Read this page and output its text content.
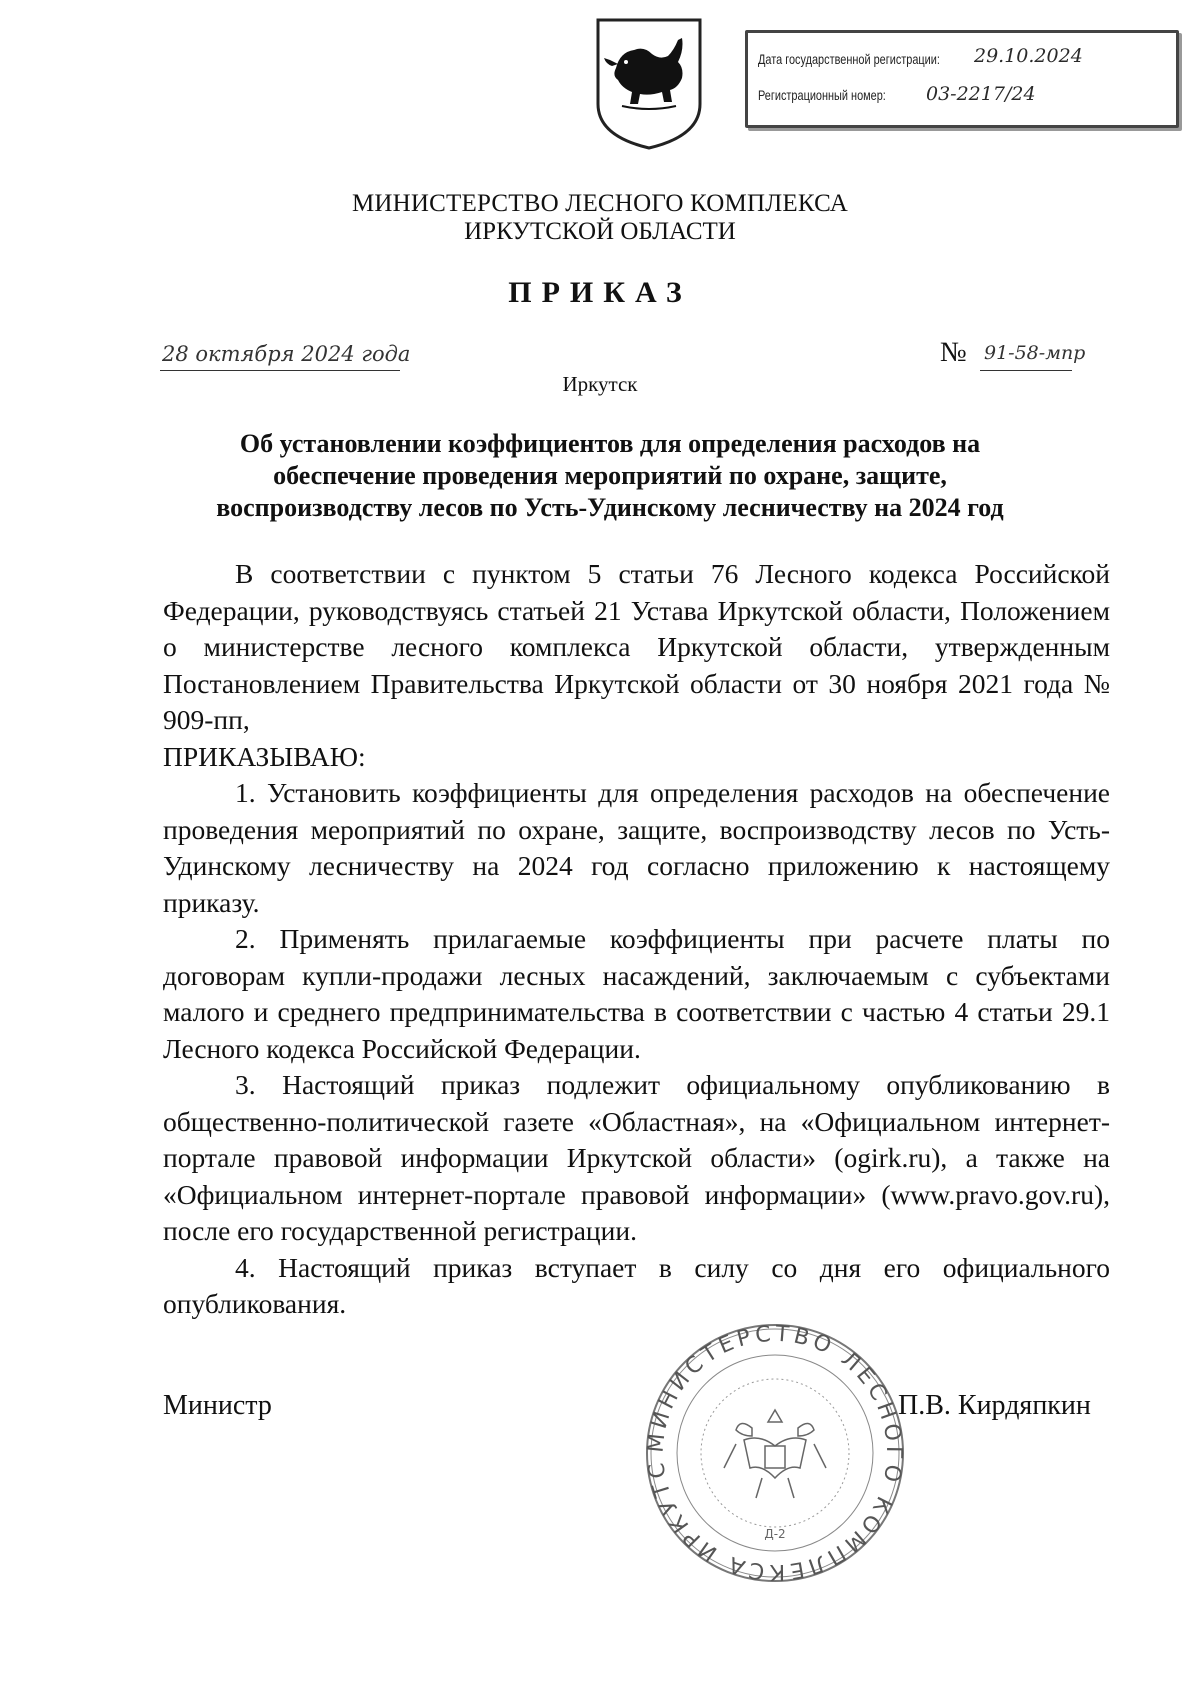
Дата государственной регистрации: 29.10.2024
Регистрационный номер: 03-2217/24
МИНИСТЕРСТВО ЛЕСНОГО КОМПЛЕКСА
ИРКУТСКОЙ ОБЛАСТИ
ПРИКАЗ
28 октября 2024 года	№ 91-58-мпр
Иркутск
Об установлении коэффициентов для определения расходов на
обеспечение проведения мероприятий по охране, защите,
воспроизводству лесов по Усть-Удинскому лесничеству на 2024 год

В соответствии с пунктом 5 статьи 76 Лесного кодекса Российской Федерации, руководствуясь статьей 21 Устава Иркутской области, Положением о министерстве лесного комплекса Иркутской области, утвержденным Постановлением Правительства Иркутской области от 30 ноября 2021 года № 909-пп,

ПРИКАЗЫВАЮ:

1. Установить коэффициенты для определения расходов на обеспечение проведения мероприятий по охране, защите, воспроизводству лесов по Усть-Удинскому лесничеству на 2024 год согласно приложению к настоящему приказу.

2. Применять прилагаемые коэффициенты при расчете платы по договорам купли-продажи лесных насаждений, заключаемым с субъектами малого и среднего предпринимательства в соответствии с частью 4 статьи 29.1 Лесного кодекса Российской Федерации.

3. Настоящий приказ подлежит официальному опубликованию в общественно-политической газете «Областная», на «Официальном интернет-портале правовой информации Иркутской области» (ogirk.ru), а также на «Официальном интернет-портале правовой информации» (www.pravo.gov.ru), после его государственной регистрации.

4. Настоящий приказ вступает в силу со дня его официального опубликования.

Министр	П.В. Кирдяпкин
МИНИСТЕРСТВО ЛЕСНОГО КОМПЛЕКСА ИРКУТС
Д-2
